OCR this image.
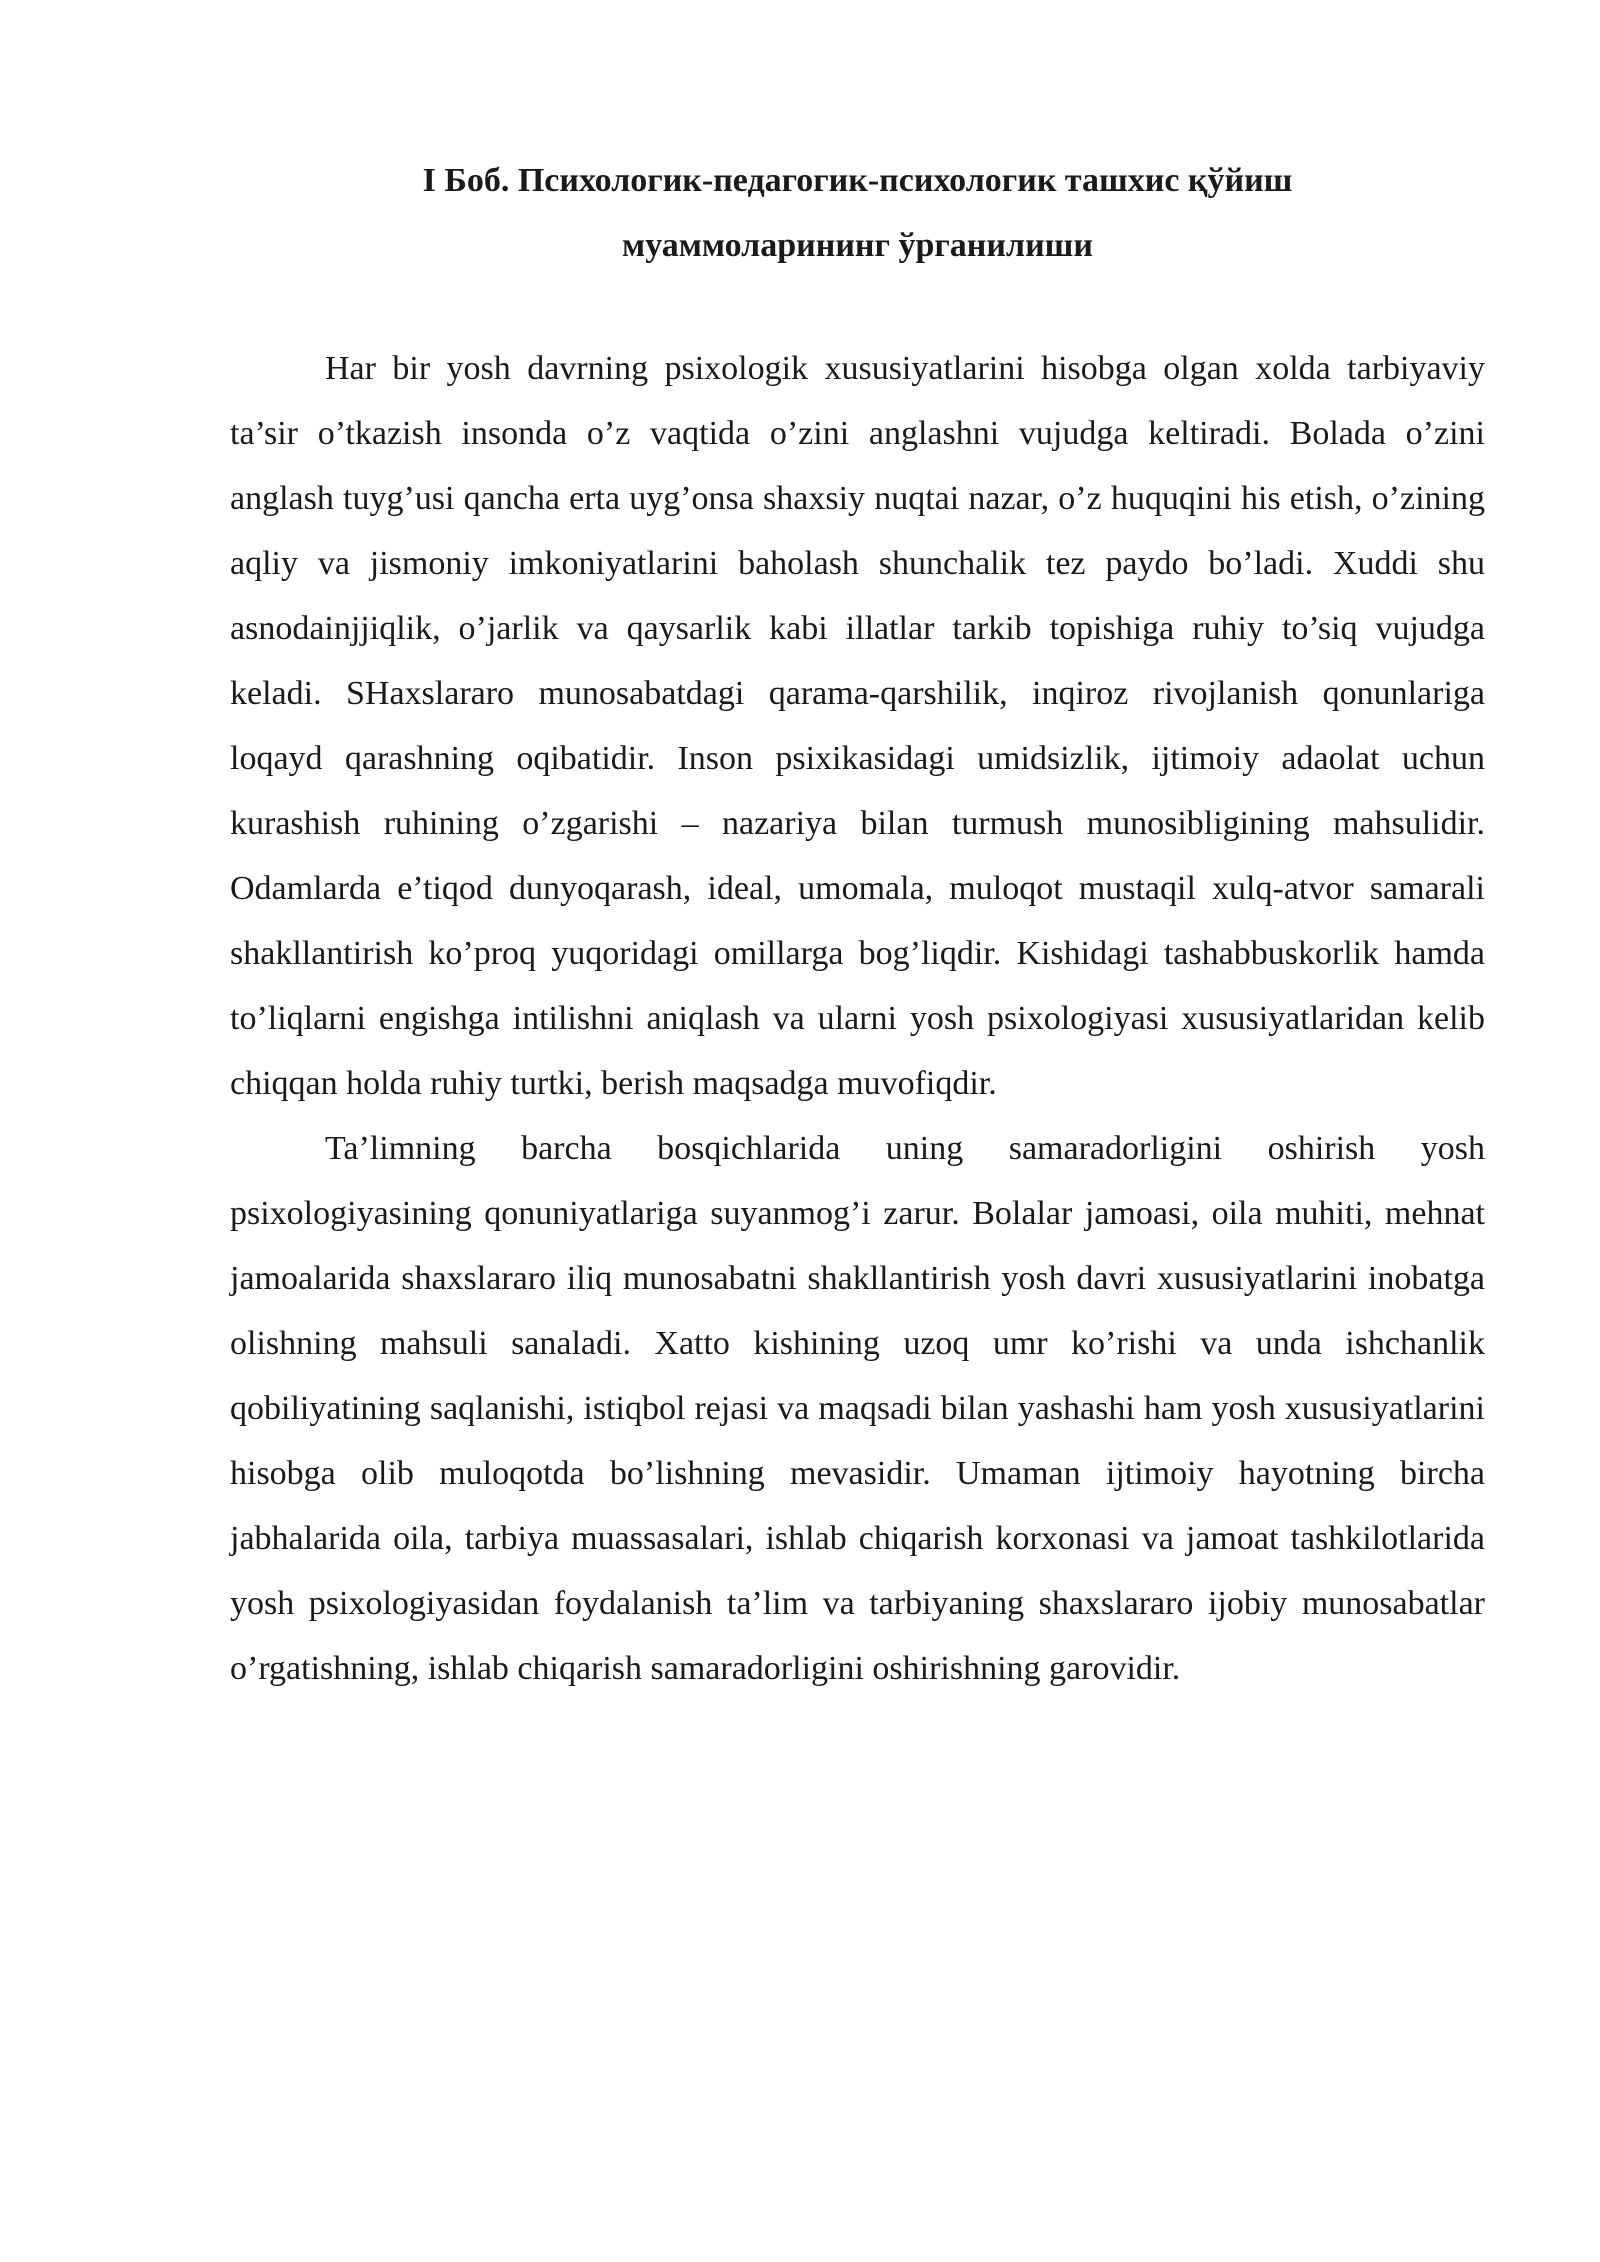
I Боб. Психологик-педагогик-психологик ташхис қўйиш
муаммоларининг ўрганилиши

Har bir yosh davrning psixologik xususiyatlarini hisobga olgan xolda tarbiyaviy ta’sir o’tkazish insonda o’z vaqtida o’zini anglashni vujudga keltiradi. Bolada o’zini anglash tuyg’usi qancha erta uyg’onsa shaxsiy nuqtai nazar, o’z huquqini his etish, o’zining aqliy va jismoniy imkoniyatlarini baholash shunchalik tez paydo bo’ladi. Xuddi shu asnodainjjiqlik, o’jarlik va qaysarlik kabi illatlar tarkib topishiga ruhiy to’siq vujudga keladi. SHaxslararo munosabatdagi qarama-qarshilik, inqiroz rivojlanish qonunlariga loqayd qarashning oqibatidir. Inson psixikasidagi umidsizlik, ijtimoiy adaolat uchun kurashish ruhining o’zgarishi – nazariya bilan turmush munosibligining mahsulidir. Odamlarda e’tiqod dunyoqarash, ideal, umomala, muloqot mustaqil xulq-atvor samarali shakllantirish ko’proq yuqoridagi omillarga bog’liqdir. Kishidagi tashabbuskorlik hamda to’liqlarni engishga intilishni aniqlash va ularni yosh psixologiyasi xususiyatlaridan kelib chiqqan holda ruhiy turtki, berish maqsadga muvofiqdir.

Ta’limning barcha bosqichlarida uning samaradorligini oshirish yosh psixologiyasining qonuniyatlariga suyanmog’i zarur. Bolalar jamoasi, oila muhiti, mehnat jamoalarida shaxslararo iliq munosabatni shakllantirish yosh davri xususiyatlarini inobatga olishning mahsuli sanaladi. Xatto kishining uzoq umr ko’rishi va unda ishchanlik qobiliyatining saqlanishi, istiqbol rejasi va maqsadi bilan yashashi ham yosh xususiyatlarini hisobga olib muloqotda bo’lishning mevasidir. Umaman ijtimoiy hayotning bircha jabhalarida oila, tarbiya muassasalari, ishlab chiqarish korxonasi va jamoat tashkilotlarida yosh psixologiyasidan foydalanish ta’lim va tarbiyaning shaxslararo ijobiy munosabatlar o’rgatishning, ishlab chiqarish samaradorligini oshirishning garovidir.
